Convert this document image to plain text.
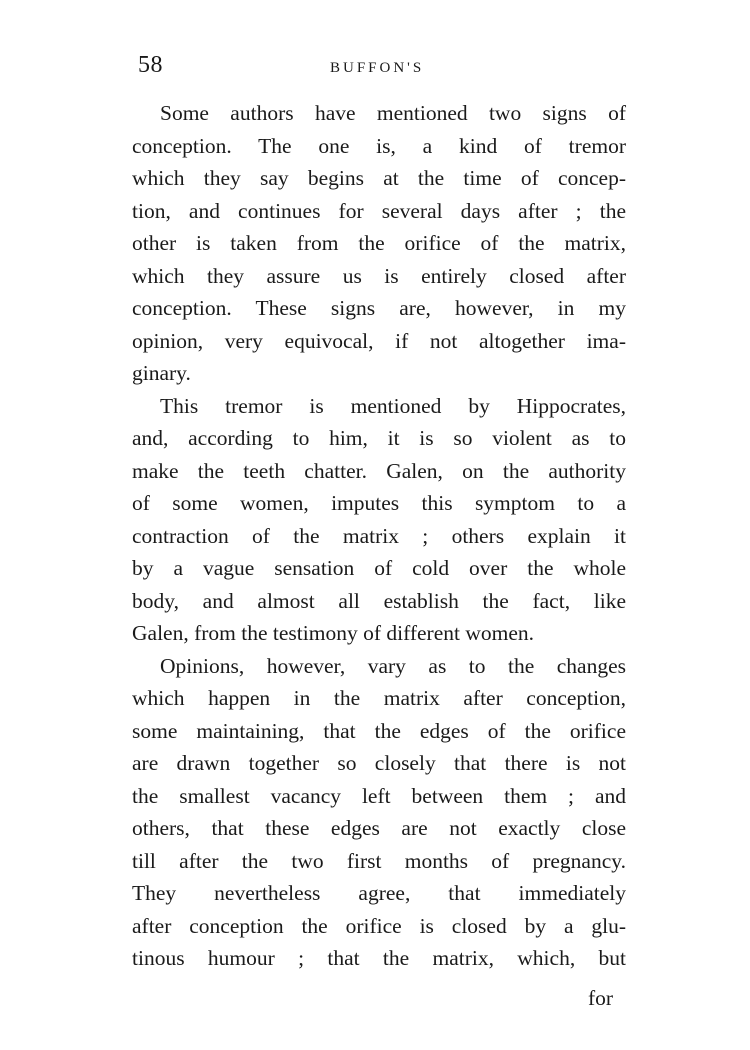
58	BUFFON'S
Some authors have mentioned two signs of
conception. The one is, a kind of tremor
which they say begins at the time of concep-
tion, and continues for several days after ; the
other is taken from the orifice of the matrix,
which they assure us is entirely closed after
conception. These signs are, however, in my
opinion, very equivocal, if not altogether ima-
ginary.
This tremor is mentioned by Hippocrates,
and, according to him, it is so violent as to
make the teeth chatter. Galen, on the authority
of some women, imputes this symptom to a
contraction of the matrix ; others explain it
by a vague sensation of cold over the whole
body, and almost all establish the fact, like
Galen, from the testimony of different women.
Opinions, however, vary as to the changes
which happen in the matrix after conception,
some maintaining, that the edges of the orifice
are drawn together so closely that there is not
the smallest vacancy left between them ; and
others, that these edges are not exactly close
till after the two first months of pregnancy.
They nevertheless agree, that immediately
after conception the orifice is closed by a glu-
tinous humour ; that the matrix, which, but
for
